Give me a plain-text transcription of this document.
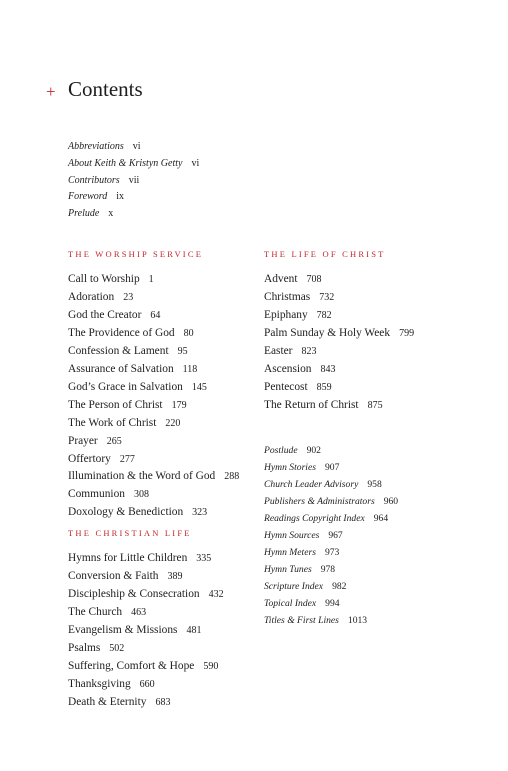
+ Contents
Abbreviations vi
About Keith & Kristyn Getty vi
Contributors vii
Foreword ix
Prelude x
THE WORSHIP SERVICE
Call to Worship 1
Adoration 23
God the Creator 64
The Providence of God 80
Confession & Lament 95
Assurance of Salvation 118
God’s Grace in Salvation 145
The Person of Christ 179
The Work of Christ 220
Prayer 265
Offertory 277
Illumination & the Word of God 288
Communion 308
Doxology & Benediction 323
THE CHRISTIAN LIFE
Hymns for Little Children 335
Conversion & Faith 389
Discipleship & Consecration 432
The Church 463
Evangelism & Missions 481
Psalms 502
Suffering, Comfort & Hope 590
Thanksgiving 660
Death & Eternity 683
THE LIFE OF CHRIST
Advent 708
Christmas 732
Epiphany 782
Palm Sunday & Holy Week 799
Easter 823
Ascension 843
Pentecost 859
The Return of Christ 875
Postlude 902
Hymn Stories 907
Church Leader Advisory 958
Publishers & Administrators 960
Readings Copyright Index 964
Hymn Sources 967
Hymn Meters 973
Hymn Tunes 978
Scripture Index 982
Topical Index 994
Titles & First Lines 1013
